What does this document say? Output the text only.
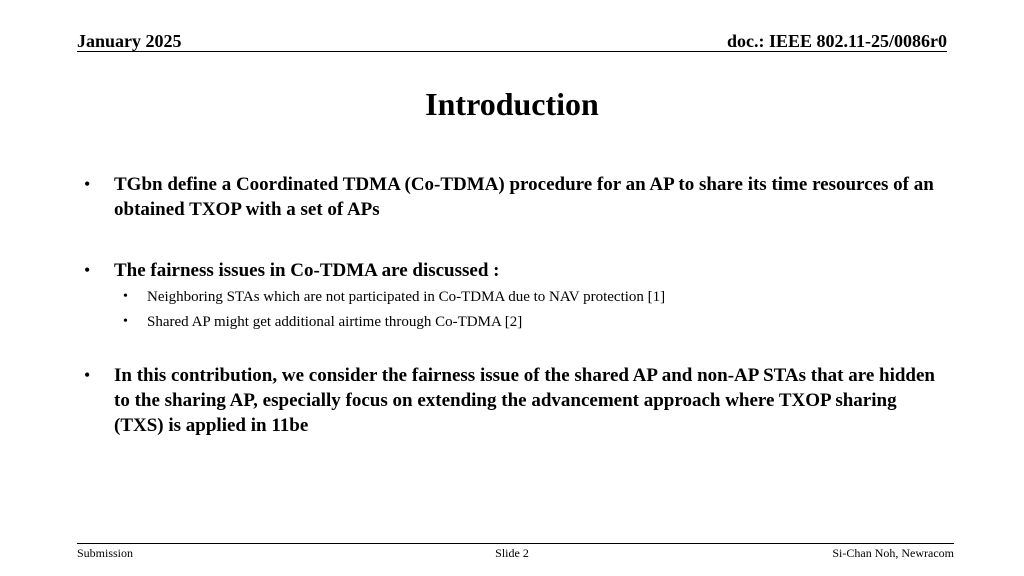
January 2025	doc.: IEEE 802.11-25/0086r0
Introduction
• TGbn define a Coordinated TDMA (Co-TDMA) procedure for an AP to share its time resources of an obtained TXOP with a set of APs
• The fairness issues in Co-TDMA are discussed :
• Neighboring STAs which are not participated in Co-TDMA due to NAV protection [1]
• Shared AP might get additional airtime through Co-TDMA [2]
• In this contribution, we consider the fairness issue of the shared AP and non-AP STAs that are hidden to the sharing AP, especially focus on extending the advancement approach where TXOP sharing (TXS) is applied in 11be
Submission	Slide 2	Si-Chan Noh, Newracom
